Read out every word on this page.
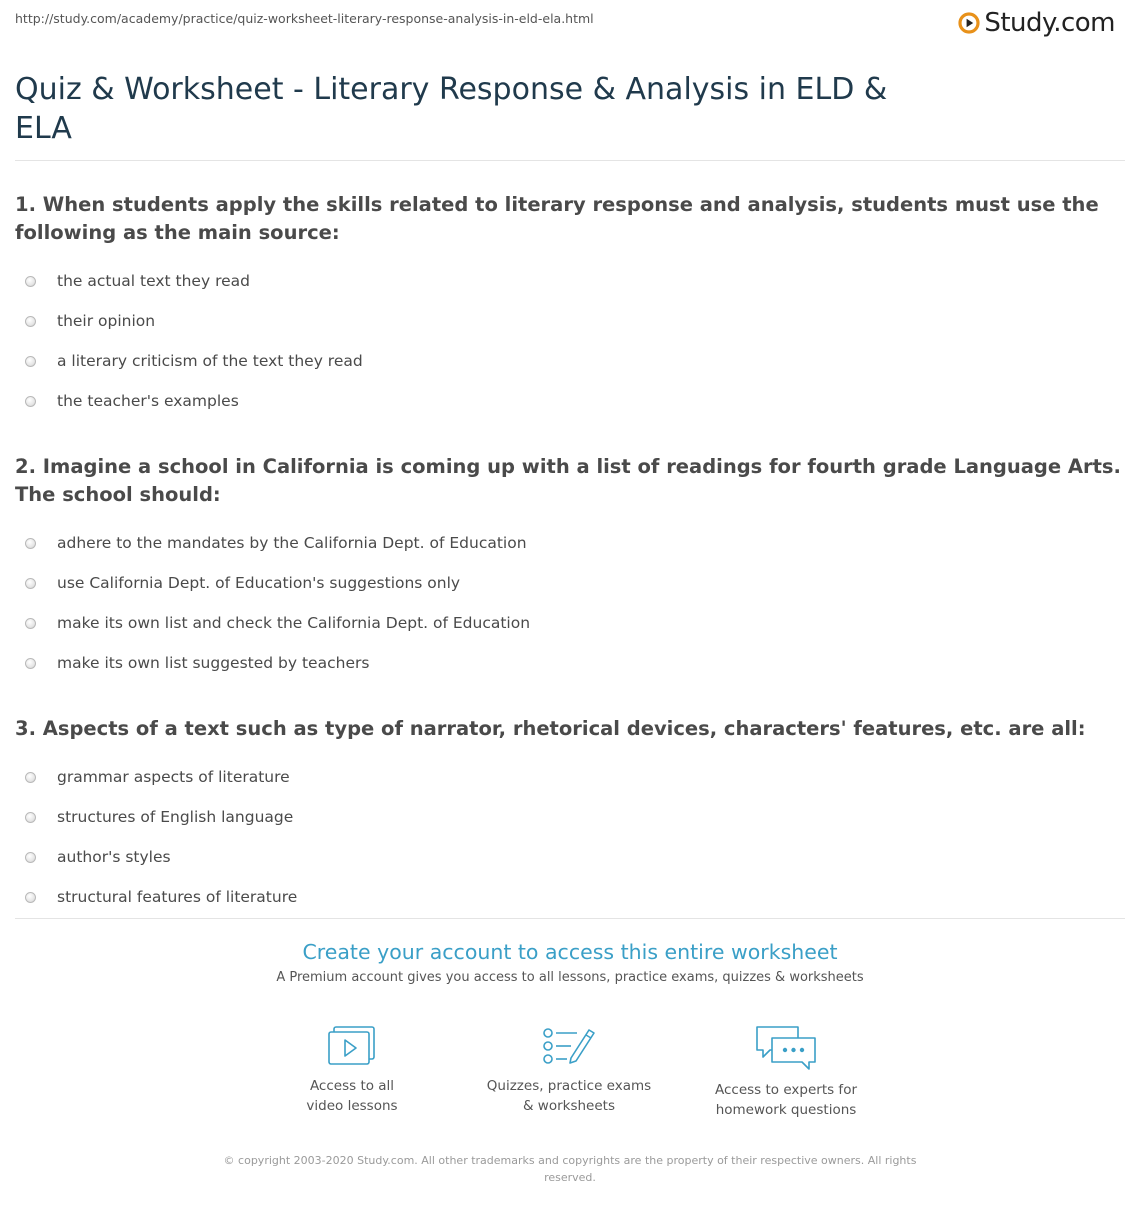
http://study.com/academy/practice/quiz-worksheet-literary-response-analysis-in-eld-ela.html	Study.com
Quiz & Worksheet - Literary Response & Analysis in ELD & ELA

1. When students apply the skills related to literary response and analysis, students must use the following as the main source:

the actual text they read
their opinion
a literary criticism of the text they read
the teacher's examples

2. Imagine a school in California is coming up with a list of readings for fourth grade Language Arts. The school should:

adhere to the mandates by the California Dept. of Education
use California Dept. of Education's suggestions only
make its own list and check the California Dept. of Education
make its own list suggested by teachers

3. Aspects of a text such as type of narrator, rhetorical devices, characters' features, etc. are all:

grammar aspects of literature
structures of English language
author's styles
structural features of literature
Create your account to access this entire worksheet

A Premium account gives you access to all lessons, practice exams, quizzes & worksheets

Access to all
video lessons
Quizzes, practice exams
& worksheets
Access to experts for
homework questions
© copyright 2003-2020 Study.com. All other trademarks and copyrights are the property of their respective owners. All rights reserved.
